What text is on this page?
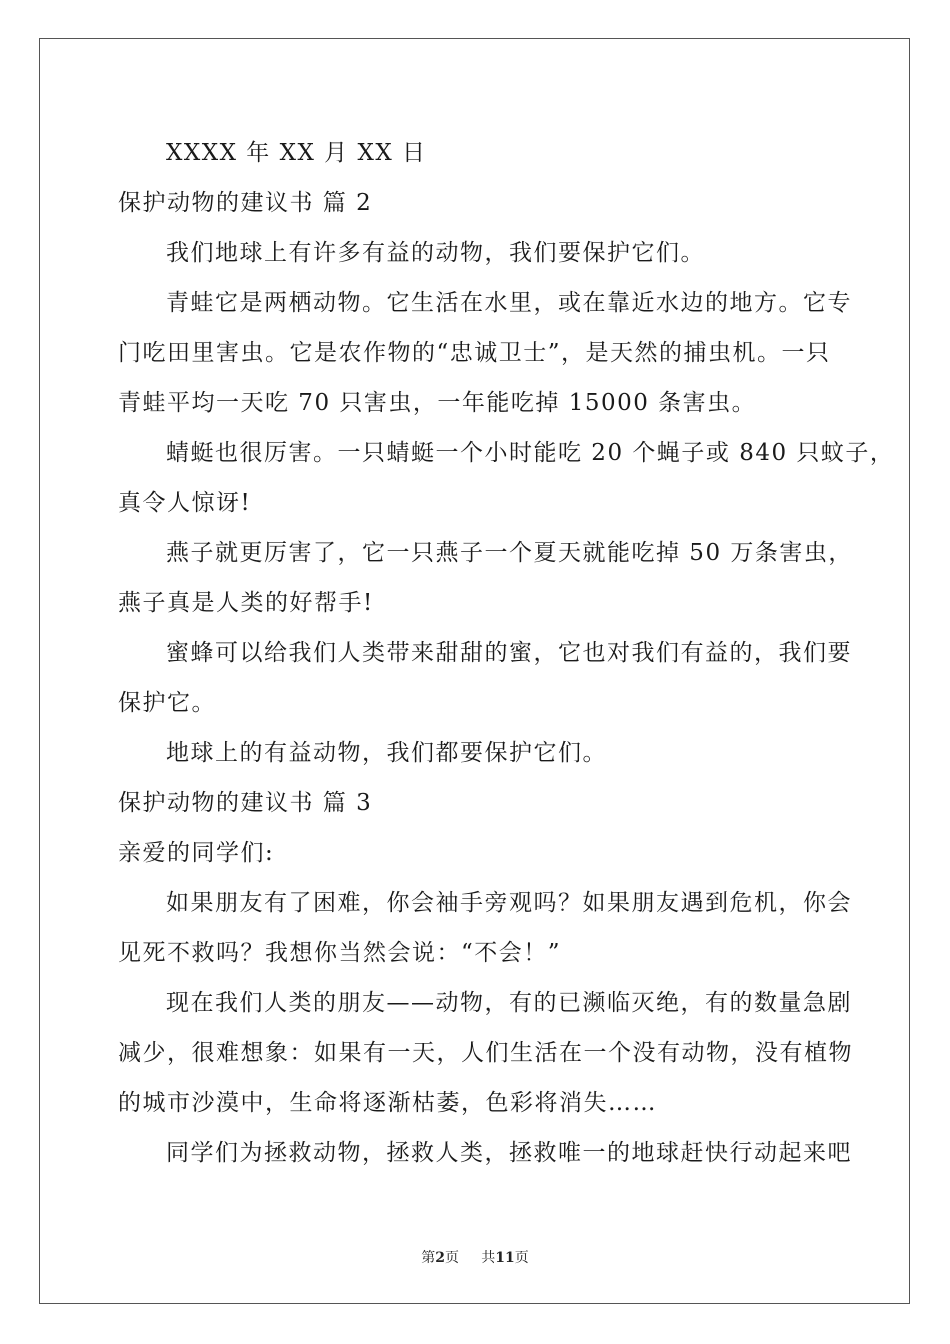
XXXX 年 XX 月 XX 日
保护动物的建议书 篇 2
我们地球上有许多有益的动物，我们要保护它们。
青蛙它是两栖动物。它生活在水里，或在靠近水边的地方。它专
门吃田里害虫。它是农作物的“忠诚卫士”，是天然的捕虫机。一只
青蛙平均一天吃 70 只害虫，一年能吃掉 15000 条害虫。
蜻蜓也很厉害。一只蜻蜓一个小时能吃 20 个蝇子或 840 只蚊子，
真令人惊讶!
燕子就更厉害了，它一只燕子一个夏天就能吃掉 50 万条害虫，
燕子真是人类的好帮手!
蜜蜂可以给我们人类带来甜甜的蜜，它也对我们有益的，我们要
保护它。
地球上的有益动物，我们都要保护它们。
保护动物的建议书 篇 3
亲爱的同学们:
如果朋友有了困难，你会袖手旁观吗？如果朋友遇到危机，你会
见死不救吗？我想你当然会说：“不会！”
现在我们人类的朋友——动物，有的已濒临灭绝，有的数量急剧
减少，很难想象：如果有一天，人们生活在一个没有动物，没有植物
的城市沙漠中，生命将逐渐枯萎，色彩将消失……
同学们为拯救动物，拯救人类，拯救唯一的地球赶快行动起来吧
第2页 共11页
